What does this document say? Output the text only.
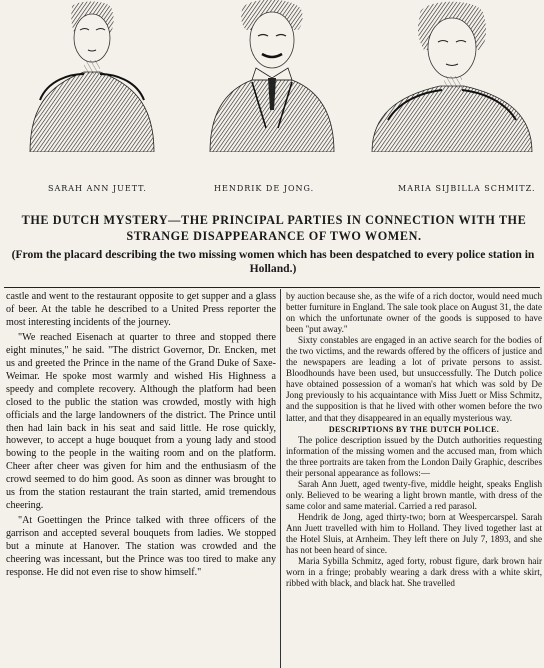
SARAH ANN JUETT.	HENDRIK DE JONG.	MARIA SIJBILLA SCHMITZ.
THE DUTCH MYSTERY—THE PRINCIPAL PARTIES IN CONNECTION WITH THE STRANGE DISAPPEARANCE OF TWO WOMEN.
(From the placard describing the two missing women which has been despatched to every police station in Holland.)

castle and went to the restaurant opposite to get supper and a glass of beer. At the table he described to a United Press reporter the most interesting incidents of the journey.

"We reached Eisenach at quarter to three and stopped there eight minutes," he said. "The district Governor, Dr. Encken, met us and greeted the Prince in the name of the Grand Duke of Saxe-Weimar. He spoke most warmly and wished His Highness a speedy and complete recovery. Although the platform had been closed to the public the station was crowded, mostly with high officials and the large landowners of the district. The Prince until then had lain back in his seat and said little. He rose quickly, however, to accept a huge bouquet from a young lady and stood bowing to the people in the waiting room and on the platform. Cheer after cheer was given for him and the enthusiasm of the crowd seemed to do him good. As soon as dinner was brought to us from the station restaurant the train started, amid tremendous cheering.

"At Goettingen the Prince talked with three officers of the garrison and accepted several bouquets from ladies. We stopped but a minute at Hanover. The station was crowded and the cheering was incessant, but the Prince was too tired to make any response. He did not even rise to show himself."

by auction because she, as the wife of a rich doctor, would need much better furniture in England. The sale took place on August 31, the date on which the unfortunate owner of the goods is supposed to have been "put away."

Sixty constables are engaged in an active search for the bodies of the two victims, and the rewards offered by the officers of justice and the newspapers are leading a lot of private persons to assist. Bloodhounds have been used, but unsuccessfully. The Dutch police have obtained possession of a woman's hat which was sold by De Jong previously to his acquaintance with Miss Juett or Miss Schmitz, and the supposition is that he lived with other women before the two latter, and that they disappeared in an equally mysterious way.

DESCRIPTIONS BY THE DUTCH POLICE.

The police description issued by the Dutch authorities requesting information of the missing women and the accused man, from which the three portraits are taken from the London Daily Graphic, describes their personal appearance as follows:—

Sarah Ann Juett, aged twenty-five, middle height, speaks English only. Believed to be wearing a light brown mantle, with dress of the same color and same material. Carried a red parasol.

Hendrik de Jong, aged thirty-two; born at Weespercarspel. Sarah Ann Juett travelled with him to Holland. They lived together last at the Hotel Sluis, at Arnheim. They left there on July 7, 1893, and she has not been heard of since.

Maria Sybilla Schmitz, aged forty, robust figure, dark brown hair worn in a fringe; probably wearing a dark dress with a white skirt, ribbed with black, and black hat. She travelled
